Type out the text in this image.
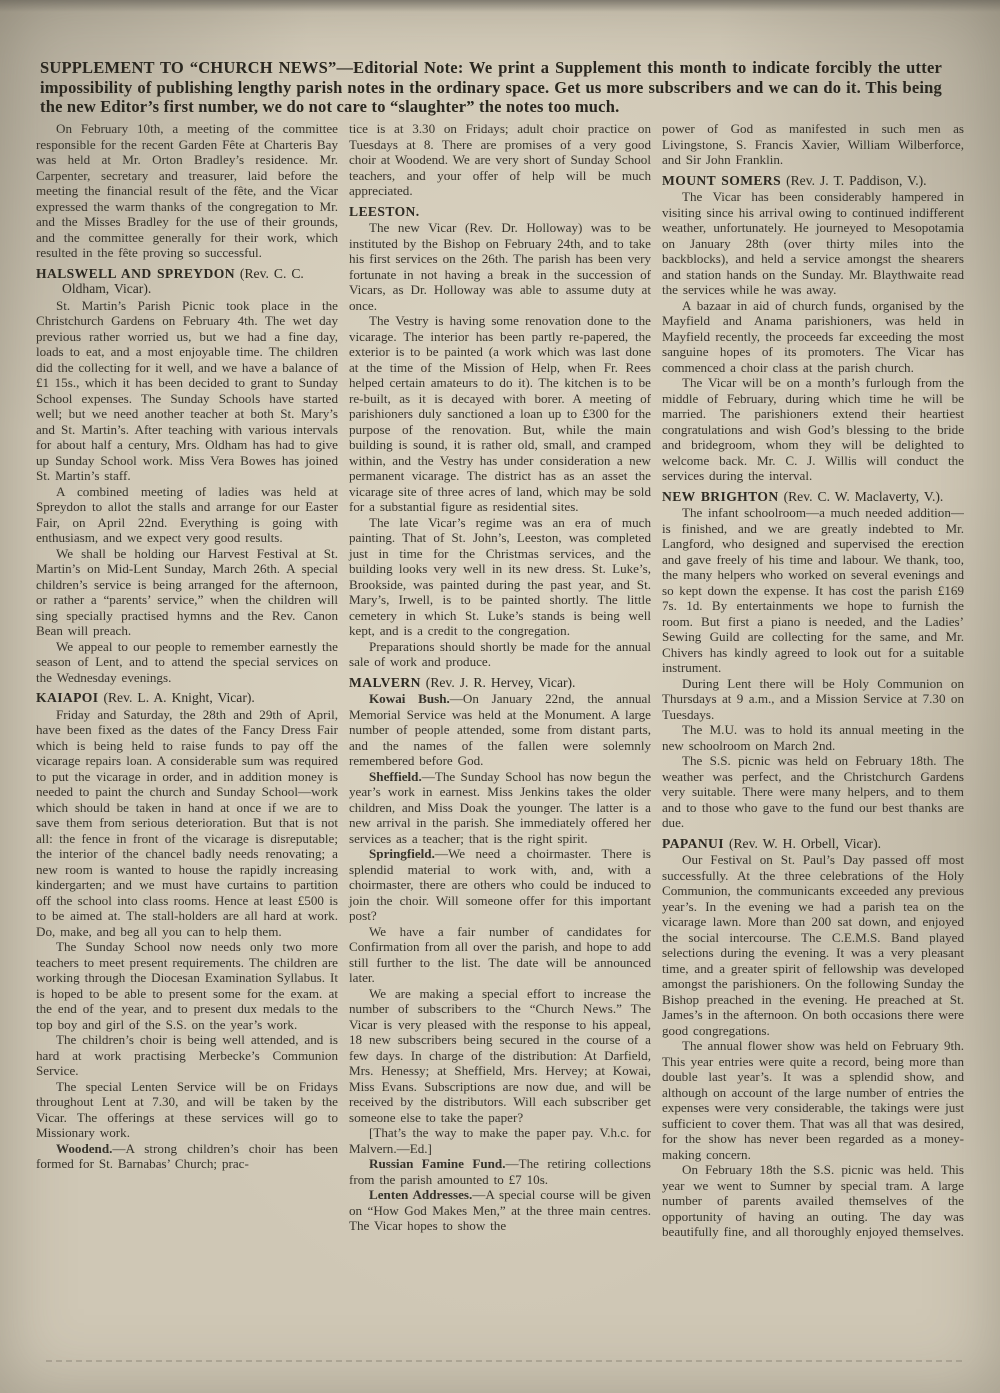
SUPPLEMENT TO “CHURCH NEWS”—Editorial Note: We print a Supplement this month to indicate forcibly the utter impossibility of publishing lengthy parish notes in the ordinary space. Get us more subscribers and we can do it. This being the new Editor’s first number, we do not care to “slaughter” the notes too much.

On February 10th, a meeting of the committee responsible for the recent Garden Fête at Charteris Bay was held at Mr. Orton Bradley’s residence. Mr. Carpenter, secretary and treasurer, laid before the meeting the financial result of the fête, and the Vicar expressed the warm thanks of the congregation to Mr. and the Misses Bradley for the use of their grounds, and the committee generally for their work, which resulted in the fête proving so successful.

HALSWELL AND SPREYDON (Rev. C. C. Oldham, Vicar).

St. Martin’s Parish Picnic took place in the Christchurch Gardens on February 4th. The wet day previous rather worried us, but we had a fine day, loads to eat, and a most enjoyable time. The children did the collecting for it well, and we have a balance of £1 15s., which it has been decided to grant to Sunday School expenses. The Sunday Schools have started well; but we need another teacher at both St. Mary’s and St. Martin’s. After teaching with various intervals for about half a century, Mrs. Oldham has had to give up Sunday School work. Miss Vera Bowes has joined St. Martin’s staff.

A combined meeting of ladies was held at Spreydon to allot the stalls and arrange for our Easter Fair, on April 22nd. Everything is going with enthusiasm, and we expect very good results.

We shall be holding our Harvest Festival at St. Martin’s on Mid-Lent Sunday, March 26th. A special children’s service is being arranged for the afternoon, or rather a “parents’ service,” when the children will sing specially practised hymns and the Rev. Canon Bean will preach.

We appeal to our people to remember earnestly the season of Lent, and to attend the special services on the Wednesday evenings.

KAIAPOI (Rev. L. A. Knight, Vicar).

Friday and Saturday, the 28th and 29th of April, have been fixed as the dates of the Fancy Dress Fair which is being held to raise funds to pay off the vicarage repairs loan. A considerable sum was required to put the vicarage in order, and in addition money is needed to paint the church and Sunday School—work which should be taken in hand at once if we are to save them from serious deterioration. But that is not all: the fence in front of the vicarage is disreputable; the interior of the chancel badly needs renovating; a new room is wanted to house the rapidly increasing kindergarten; and we must have curtains to partition off the school into class rooms. Hence at least £500 is to be aimed at. The stall-holders are all hard at work. Do, make, and beg all you can to help them.

The Sunday School now needs only two more teachers to meet present requirements. The children are working through the Diocesan Examination Syllabus. It is hoped to be able to present some for the exam. at the end of the year, and to present dux medals to the top boy and girl of the S.S. on the year’s work.

The children’s choir is being well attended, and is hard at work practising Merbecke’s Communion Service.

The special Lenten Service will be on Fridays throughout Lent at 7.30, and will be taken by the Vicar. The offerings at these services will go to Missionary work.

Woodend.—A strong children’s choir has been formed for St. Barnabas’ Church; prac-

tice is at 3.30 on Fridays; adult choir practice on Tuesdays at 8. There are promises of a very good choir at Woodend. We are very short of Sunday School teachers, and your offer of help will be much appreciated.

LEESTON.

The new Vicar (Rev. Dr. Holloway) was to be instituted by the Bishop on February 24th, and to take his first services on the 26th. The parish has been very fortunate in not having a break in the succession of Vicars, as Dr. Holloway was able to assume duty at once.

The Vestry is having some renovation done to the vicarage. The interior has been partly re-papered, the exterior is to be painted (a work which was last done at the time of the Mission of Help, when Fr. Rees helped certain amateurs to do it). The kitchen is to be re-built, as it is decayed with borer. A meeting of parishioners duly sanctioned a loan up to £300 for the purpose of the renovation. But, while the main building is sound, it is rather old, small, and cramped within, and the Vestry has under consideration a new permanent vicarage. The district has as an asset the vicarage site of three acres of land, which may be sold for a substantial figure as residential sites.

The late Vicar’s regime was an era of much painting. That of St. John’s, Leeston, was completed just in time for the Christmas services, and the building looks very well in its new dress. St. Luke’s, Brookside, was painted during the past year, and St. Mary’s, Irwell, is to be painted shortly. The little cemetery in which St. Luke’s stands is being well kept, and is a credit to the congregation.

Preparations should shortly be made for the annual sale of work and produce.

MALVERN (Rev. J. R. Hervey, Vicar).

Kowai Bush.—On January 22nd, the annual Memorial Service was held at the Monument. A large number of people attended, some from distant parts, and the names of the fallen were solemnly remembered before God.

Sheffield.—The Sunday School has now begun the year’s work in earnest. Miss Jenkins takes the older children, and Miss Doak the younger. The latter is a new arrival in the parish. She immediately offered her services as a teacher; that is the right spirit.

Springfield.—We need a choirmaster. There is splendid material to work with, and, with a choirmaster, there are others who could be induced to join the choir. Will someone offer for this important post?

We have a fair number of candidates for Confirmation from all over the parish, and hope to add still further to the list. The date will be announced later.

We are making a special effort to increase the number of subscribers to the “Church News.” The Vicar is very pleased with the response to his appeal, 18 new subscribers being secured in the course of a few days. In charge of the distribution: At Darfield, Mrs. Henessy; at Sheffield, Mrs. Hervey; at Kowai, Miss Evans. Subscriptions are now due, and will be received by the distributors. Will each subscriber get someone else to take the paper?

[That’s the way to make the paper pay. V.h.c. for Malvern.—Ed.]

Russian Famine Fund.—The retiring collections from the parish amounted to £7 10s.

Lenten Addresses.—A special course will be given on “How God Makes Men,” at the three main centres. The Vicar hopes to show the

power of God as manifested in such men as Livingstone, S. Francis Xavier, William Wilberforce, and Sir John Franklin.

MOUNT SOMERS (Rev. J. T. Paddison, V.).

The Vicar has been considerably hampered in visiting since his arrival owing to continued indifferent weather, unfortunately. He journeyed to Mesopotamia on January 28th (over thirty miles into the backblocks), and held a service amongst the shearers and station hands on the Sunday. Mr. Blaythwaite read the services while he was away.

A bazaar in aid of church funds, organised by the Mayfield and Anama parishioners, was held in Mayfield recently, the proceeds far exceeding the most sanguine hopes of its promoters. The Vicar has commenced a choir class at the parish church.

The Vicar will be on a month’s furlough from the middle of February, during which time he will be married. The parishioners extend their heartiest congratulations and wish God’s blessing to the bride and bridegroom, whom they will be delighted to welcome back. Mr. C. J. Willis will conduct the services during the interval.

NEW BRIGHTON (Rev. C. W. Maclaverty, V.).

The infant schoolroom—a much needed addition—is finished, and we are greatly indebted to Mr. Langford, who designed and supervised the erection and gave freely of his time and labour. We thank, too, the many helpers who worked on several evenings and so kept down the expense. It has cost the parish £169 7s. 1d. By entertainments we hope to furnish the room. But first a piano is needed, and the Ladies’ Sewing Guild are collecting for the same, and Mr. Chivers has kindly agreed to look out for a suitable instrument.

During Lent there will be Holy Communion on Thursdays at 9 a.m., and a Mission Service at 7.30 on Tuesdays.

The M.U. was to hold its annual meeting in the new schoolroom on March 2nd.

The S.S. picnic was held on February 18th. The weather was perfect, and the Christchurch Gardens very suitable. There were many helpers, and to them and to those who gave to the fund our best thanks are due.

PAPANUI (Rev. W. H. Orbell, Vicar).

Our Festival on St. Paul’s Day passed off most successfully. At the three celebrations of the Holy Communion, the communicants exceeded any previous year’s. In the evening we had a parish tea on the vicarage lawn. More than 200 sat down, and enjoyed the social intercourse. The C.E.M.S. Band played selections during the evening. It was a very pleasant time, and a greater spirit of fellowship was developed amongst the parishioners. On the following Sunday the Bishop preached in the evening. He preached at St. James’s in the afternoon. On both occasions there were good congregations.

The annual flower show was held on February 9th. This year entries were quite a record, being more than double last year’s. It was a splendid show, and although on account of the large number of entries the expenses were very considerable, the takings were just sufficient to cover them. That was all that was desired, for the show has never been regarded as a money-making concern.

On February 18th the S.S. picnic was held. This year we went to Sumner by special tram. A large number of parents availed themselves of the opportunity of having an outing. The day was beautifully fine, and all thoroughly enjoyed themselves.
